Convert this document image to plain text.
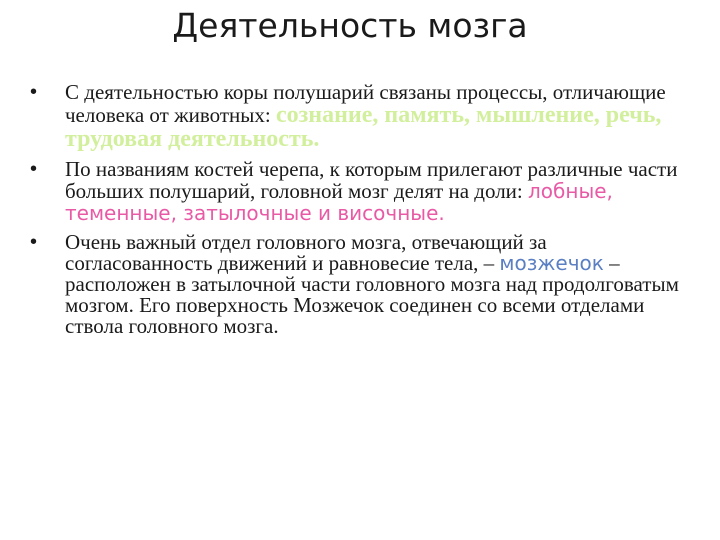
Деятельность мозга
• С деятельностью коры полушарий связаны процессы, отличающие человека от животных: сознание, память, мышление, речь, трудовая деятельность.
• По названиям костей черепа, к которым прилегают различные части больших полушарий, головной мозг делят на доли: лобные, теменные, затылочные и височные.
• Очень важный отдел головного мозга, отвечающий за согласованность движений и равновесие тела, – мозжечок – расположен в затылочной части головного мозга над продолговатым мозгом. Его поверхность Мозжечок соединен со всеми отделами ствола головного мозга.
